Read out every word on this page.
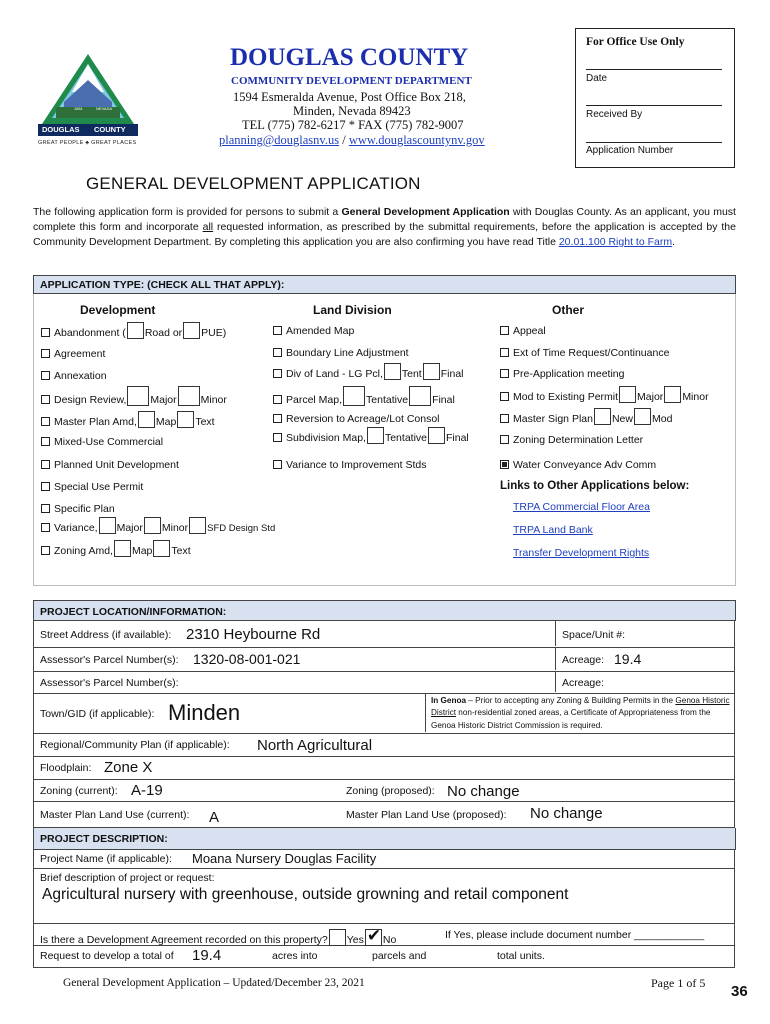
1861	NEVADA
DOUGLAS COUNTY
GREAT PEOPLE ♣ GREAT PLACES
DOUGLAS COUNTY
COMMUNITY DEVELOPMENT DEPARTMENT
1594 Esmeralda Avenue, Post Office Box 218,
Minden, Nevada 89423
TEL (775) 782-6217 * FAX (775) 782-9007
planning@douglasnv.us / www.douglascountynv.gov
For Office Use Only
Date
Received By
Application Number
GENERAL DEVELOPMENT APPLICATION
The following application form is provided for persons to submit a General Development Application with Douglas County. As an applicant, you must complete this form and incorporate all requested information, as prescribed by the submittal requirements, before the application is accepted by the Community Development Department. By completing this application you are also confirming you have read Title 20.01.100 Right to Farm.
APPLICATION TYPE: (CHECK ALL THAT APPLY):
Development	Land Division	Other
Abandonment ( Road or PUE)
Agreement
Annexation
Design Review, Major Minor
Master Plan Amd, Map Text
Mixed-Use Commercial
Planned Unit Development
Special Use Permit
Specific Plan
Variance, Major Minor SFD Design Std
Zoning Amd, Map Text
Amended Map
Boundary Line Adjustment
Div of Land - LG Pcl, Tent Final
Parcel Map, Tentative Final
Reversion to Acreage/Lot Consol
Subdivision Map, Tentative Final
Variance to Improvement Stds
Appeal
Ext of Time Request/Continuance
Pre-Application meeting
Mod to Existing Permit Major Minor
Master Sign Plan New Mod
Zoning Determination Letter
Water Conveyance Adv Comm
Links to Other Applications below:
TRPA Commercial Floor Area
TRPA Land Bank
Transfer Development Rights
PROJECT LOCATION/INFORMATION:
Street Address (if available): 2310 Heybourne Rd	Space/Unit #:
Assessor's Parcel Number(s): 1320-08-001-021	Acreage: 19.4
Assessor's Parcel Number(s):	Acreage:
Town/GID (if applicable): Minden	In Genoa – Prior to accepting any Zoning & Building Permits in the Genoa Historic District non-residential zoned areas, a Certificate of Appropriateness from the Genoa Historic District Commission is required.
Regional/Community Plan (if applicable): North Agricultural
Floodplain: Zone X
Zoning (current): A-19	Zoning (proposed): No change
Master Plan Land Use (current): A	Master Plan Land Use (proposed): No change
PROJECT DESCRIPTION:
Project Name (if applicable): Moana Nursery Douglas Facility
Brief description of project or request:
Agricultural nursery with greenhouse, outside growning and retail component
Is there a Development Agreement recorded on this property? Yes✔ No	If Yes, please include document number ____________
Request to develop a total of 19.4	acres into	parcels and	total units.
General Development Application – Updated/December 23, 2021	Page 1 of 5 36
